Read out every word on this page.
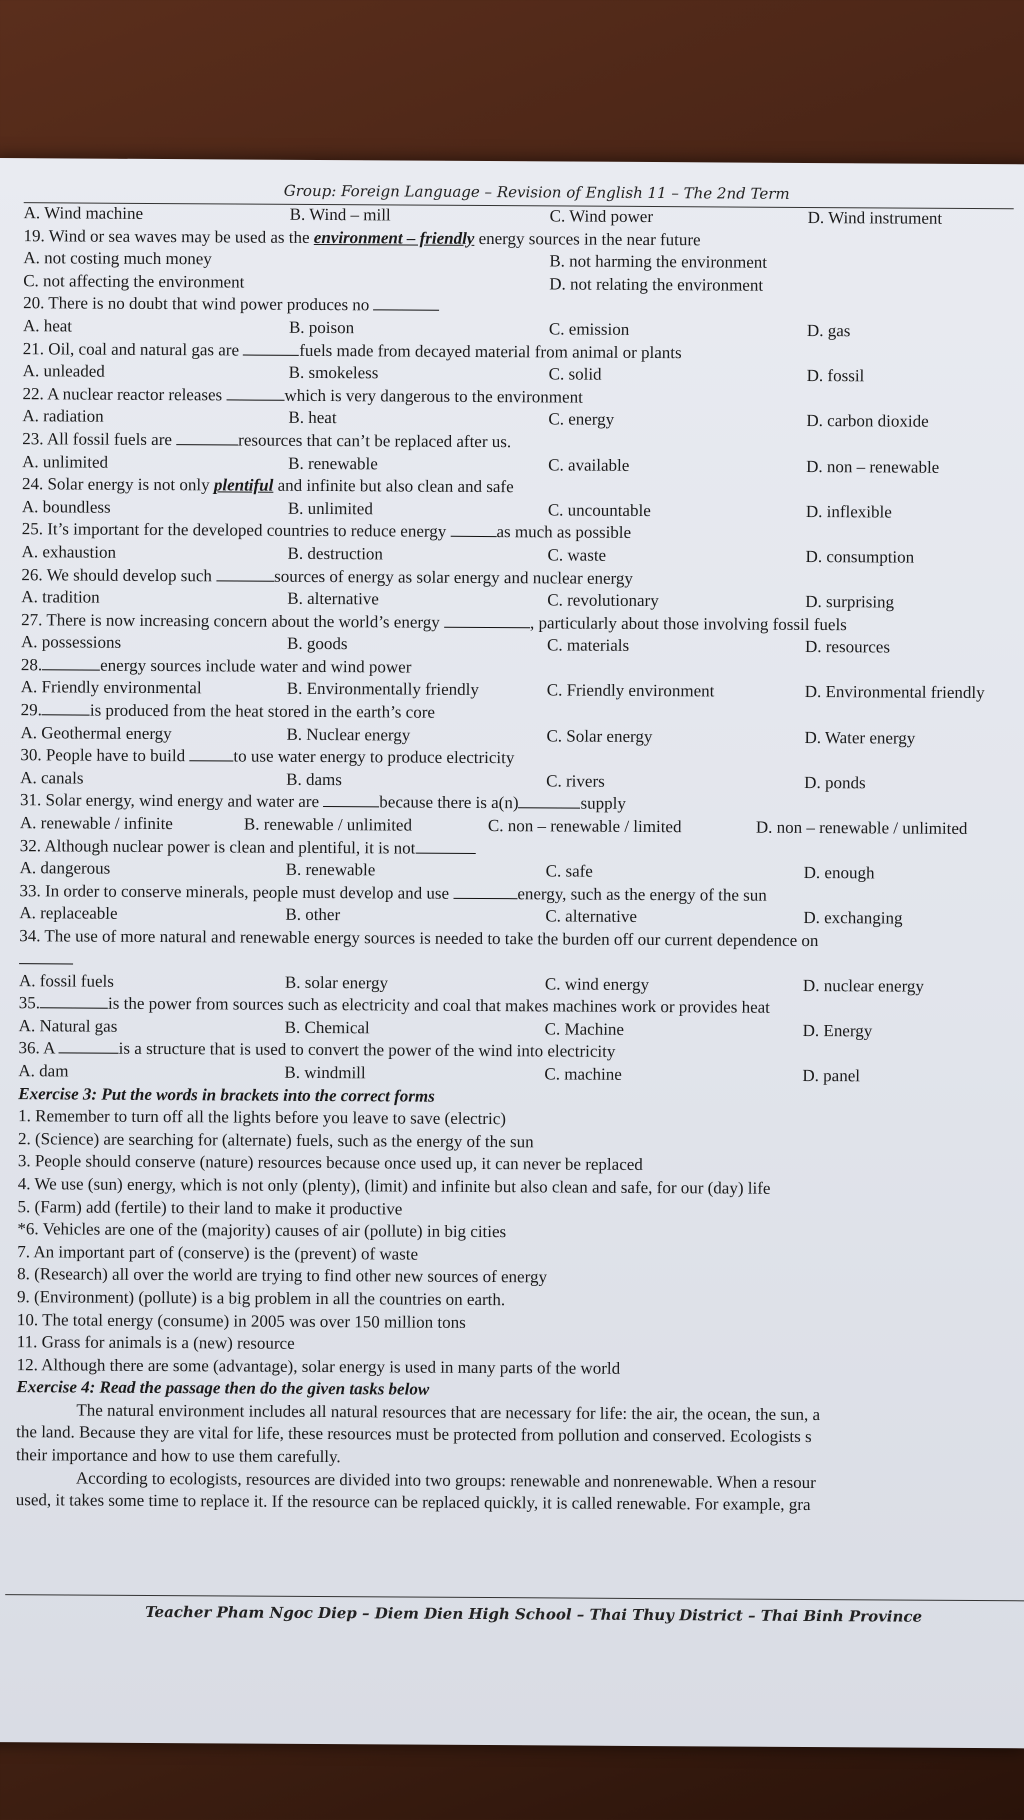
Group: Foreign Language – Revision of English 11 – The 2nd Term
A. Wind machine	B. Wind – mill	C. Wind power	D. Wind instrument
19. Wind or sea waves may be used as the environment – friendly energy sources in the near future
A. not costing much money	B. not harming the environment
C. not affecting the environment	D. not relating the environment
20. There is no doubt that wind power produces no
A. heat	B. poison	C. emission	D. gas
21. Oil, coal and natural gas are	fuels made from decayed material from animal or plants
A. unleaded	B. smokeless	C. solid	D. fossil
22. A nuclear reactor releases	which is very dangerous to the environment
A. radiation	B. heat	C. energy	D. carbon dioxide
23. All fossil fuels are	resources that can’t be replaced after us.
A. unlimited	B. renewable	C. available	D. non – renewable
24. Solar energy is not only plentiful and infinite but also clean and safe
A. boundless	B. unlimited	C. uncountable	D. inflexible
25. It’s important for the developed countries to reduce energy	as much as possible
A. exhaustion	B. destruction	C. waste	D. consumption
26. We should develop such	sources of energy as solar energy and nuclear energy
A. tradition	B. alternative	C. revolutionary	D. surprising
27. There is now increasing concern about the world’s energy	, particularly about those involving fossil fuels
A. possessions	B. goods	C. materials	D. resources
28.	energy sources include water and wind power
A. Friendly environmental	B. Environmentally friendly	C. Friendly environment	D. Environmental friendly
29.	is produced from the heat stored in the earth’s core
A. Geothermal energy	B. Nuclear energy	C. Solar energy	D. Water energy
30. People have to build	to use water energy to produce electricity
A. canals	B. dams	C. rivers	D. ponds
31. Solar energy, wind energy and water are	because there is a(n)	supply
A. renewable / infinite	B. renewable / unlimited	C. non – renewable / limited	D. non – renewable / unlimited
32. Although nuclear power is clean and plentiful, it is not
A. dangerous	B. renewable	C. safe	D. enough
33. In order to conserve minerals, people must develop and use	energy, such as the energy of the sun
A. replaceable	B. other	C. alternative	D. exchanging
34. The use of more natural and renewable energy sources is needed to take the burden off our current dependence on
A. fossil fuels	B. solar energy	C. wind energy	D. nuclear energy
35.	is the power from sources such as electricity and coal that makes machines work or provides heat
A. Natural gas	B. Chemical	C. Machine	D. Energy
36. A	is a structure that is used to convert the power of the wind into electricity
A. dam	B. windmill	C. machine	D. panel
Exercise 3: Put the words in brackets into the correct forms
1. Remember to turn off all the lights before you leave to save (electric)
2. (Science) are searching for (alternate) fuels, such as the energy of the sun
3. People should conserve (nature) resources because once used up, it can never be replaced
4. We use (sun) energy, which is not only (plenty), (limit) and infinite but also clean and safe, for our (day) life
5. (Farm) add (fertile) to their land to make it productive
*6. Vehicles are one of the (majority) causes of air (pollute) in big cities
7. An important part of (conserve) is the (prevent) of waste
8. (Research) all over the world are trying to find other new sources of energy
9. (Environment) (pollute) is a big problem in all the countries on earth.
10. The total energy (consume) in 2005 was over 150 million tons
11. Grass for animals is a (new) resource
12. Although there are some (advantage), solar energy is used in many parts of the world
Exercise 4: Read the passage then do the given tasks below
The natural environment includes all natural resources that are necessary for life: the air, the ocean, the sun, a
the land. Because they are vital for life, these resources must be protected from pollution and conserved. Ecologists s
their importance and how to use them carefully.
According to ecologists, resources are divided into two groups: renewable and nonrenewable. When a resour
used, it takes some time to replace it. If the resource can be replaced quickly, it is called renewable. For example, gra
Teacher Pham Ngoc Diep – Diem Dien High School – Thai Thuy District – Thai Binh Province
